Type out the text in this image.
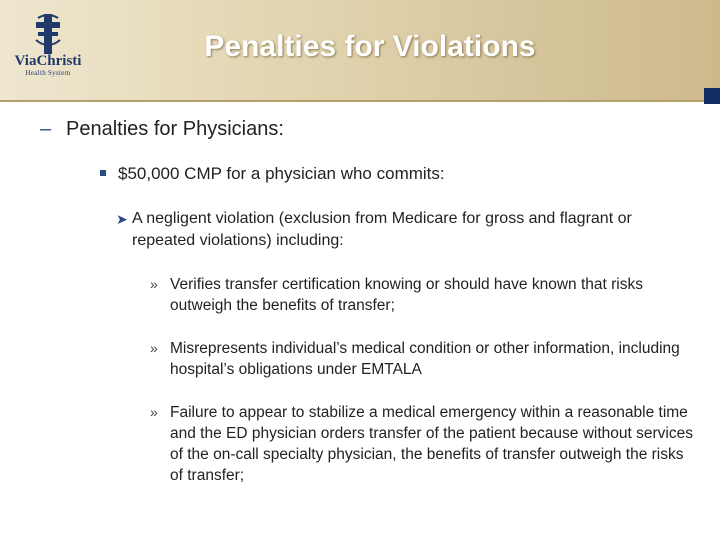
ViaChristi
Health System
Penalties for Violations
– Penalties for Physicians:
$50,000 CMP for a physician who commits:
➤ A negligent violation (exclusion from Medicare for gross and flagrant or repeated violations) including:
» Verifies transfer certification knowing or should have known that risks outweigh the benefits of transfer;
» Misrepresents individual’s medical condition or other information, including hospital’s obligations under EMTALA
» Failure to appear to stabilize a medical emergency within a reasonable time and the ED physician orders transfer of the patient because without services of the on-call specialty physician, the benefits of transfer outweigh the risks of transfer;
